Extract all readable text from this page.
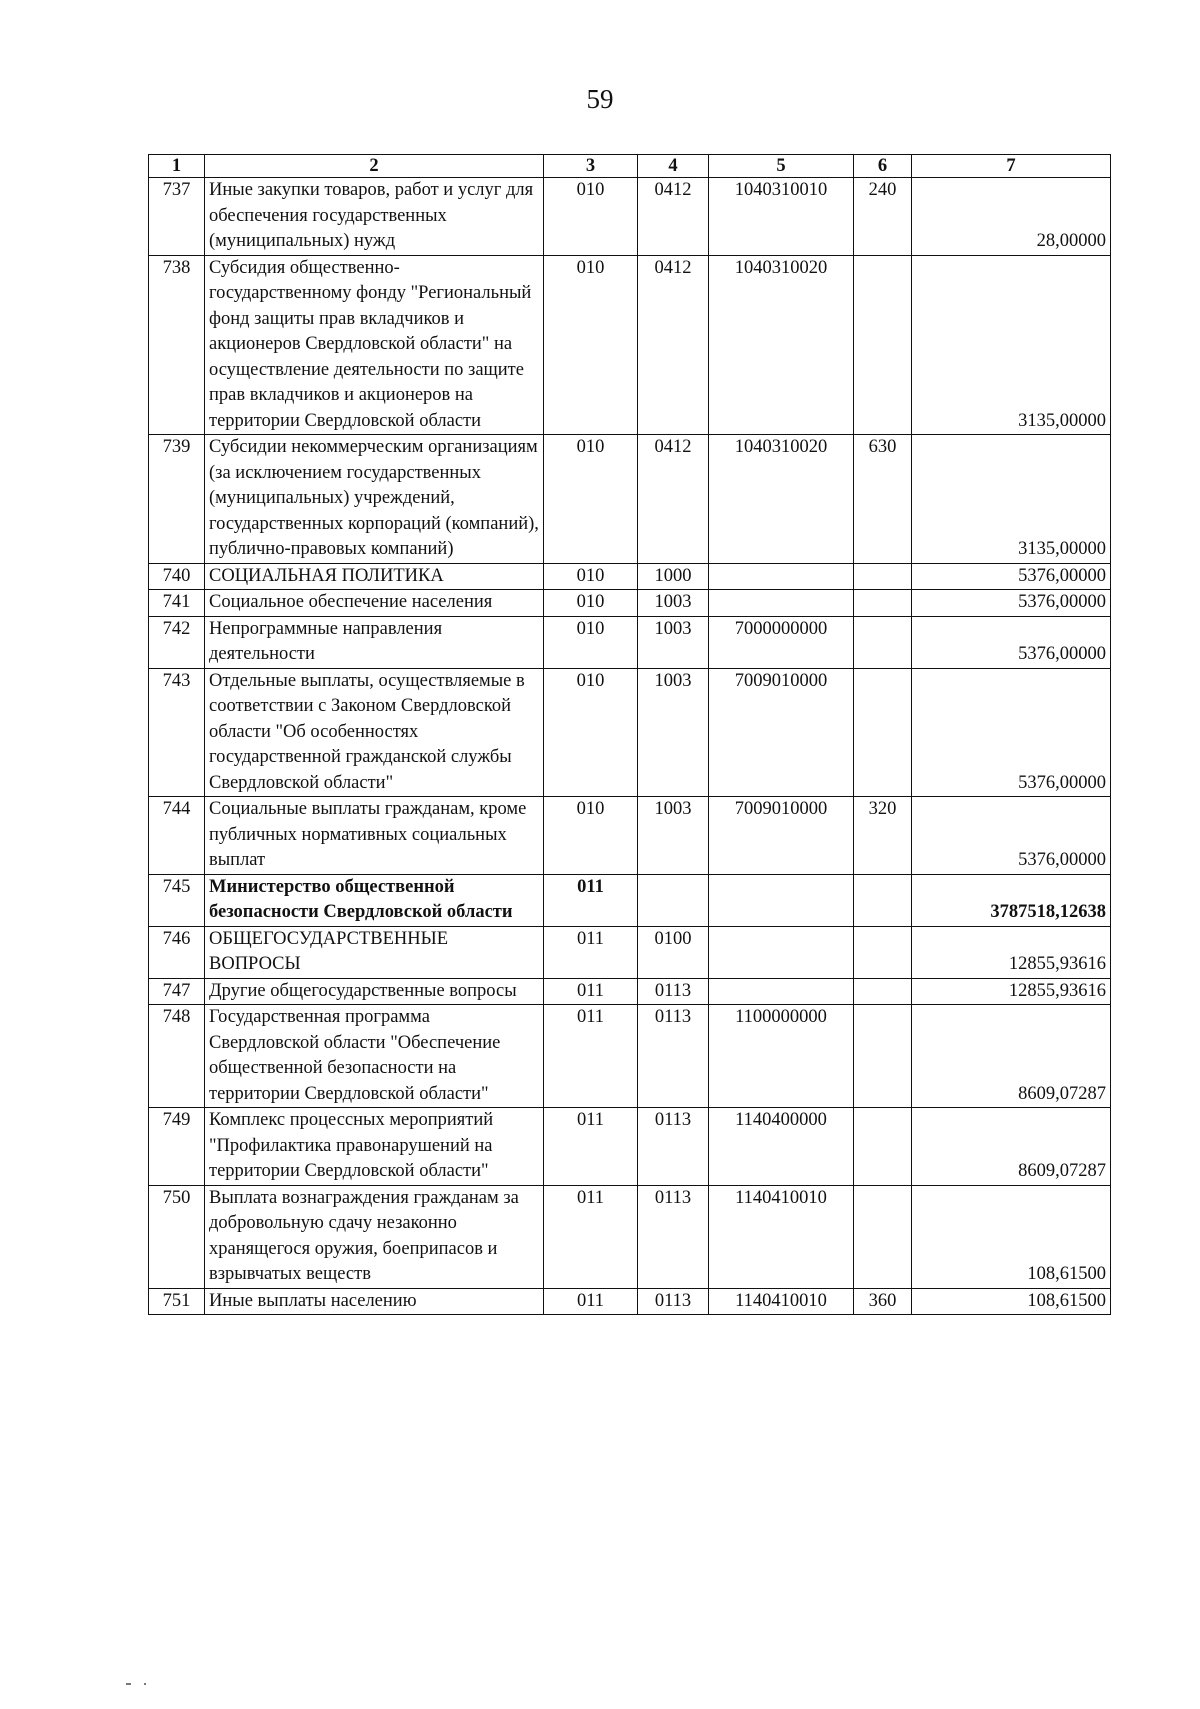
59
1	2	3	4	5	6	7
737	Иные закупки товаров, работ и услуг для обеспечения государственных (муниципальных) нужд	010	0412	1040310010	240	28,00000
738	Субсидия общественно-государственному фонду "Региональный фонд защиты прав вкладчиков и акционеров Свердловской области" на осуществление деятельности по защите прав вкладчиков и акционеров на территории Свердловской области	010	0412	1040310020		3135,00000
739	Субсидии некоммерческим организациям (за исключением государственных (муниципальных) учреждений, государственных корпораций (компаний), публично-правовых компаний)	010	0412	1040310020	630	3135,00000
740	СОЦИАЛЬНАЯ ПОЛИТИКА	010	1000			5376,00000
741	Социальное обеспечение населения	010	1003			5376,00000
742	Непрограммные направления деятельности	010	1003	7000000000		5376,00000
743	Отдельные выплаты, осуществляемые в соответствии с Законом Свердловской области "Об особенностях государственной гражданской службы Свердловской области"	010	1003	7009010000		5376,00000
744	Социальные выплаты гражданам, кроме публичных нормативных социальных выплат	010	1003	7009010000	320	5376,00000
745	Министерство общественной безопасности Свердловской области	011				3787518,12638
746	ОБЩЕГОСУДАРСТВЕННЫЕ ВОПРОСЫ	011	0100			12855,93616
747	Другие общегосударственные вопросы	011	0113			12855,93616
748	Государственная программа Свердловской области "Обеспечение общественной безопасности на территории Свердловской области"	011	0113	1100000000		8609,07287
749	Комплекс процессных мероприятий "Профилактика правонарушений на территории Свердловской области"	011	0113	1140400000		8609,07287
750	Выплата вознаграждения гражданам за добровольную сдачу незаконно хранящегося оружия, боеприпасов и взрывчатых веществ	011	0113	1140410010		108,61500
751	Иные выплаты населению	011	0113	1140410010	360	108,61500
